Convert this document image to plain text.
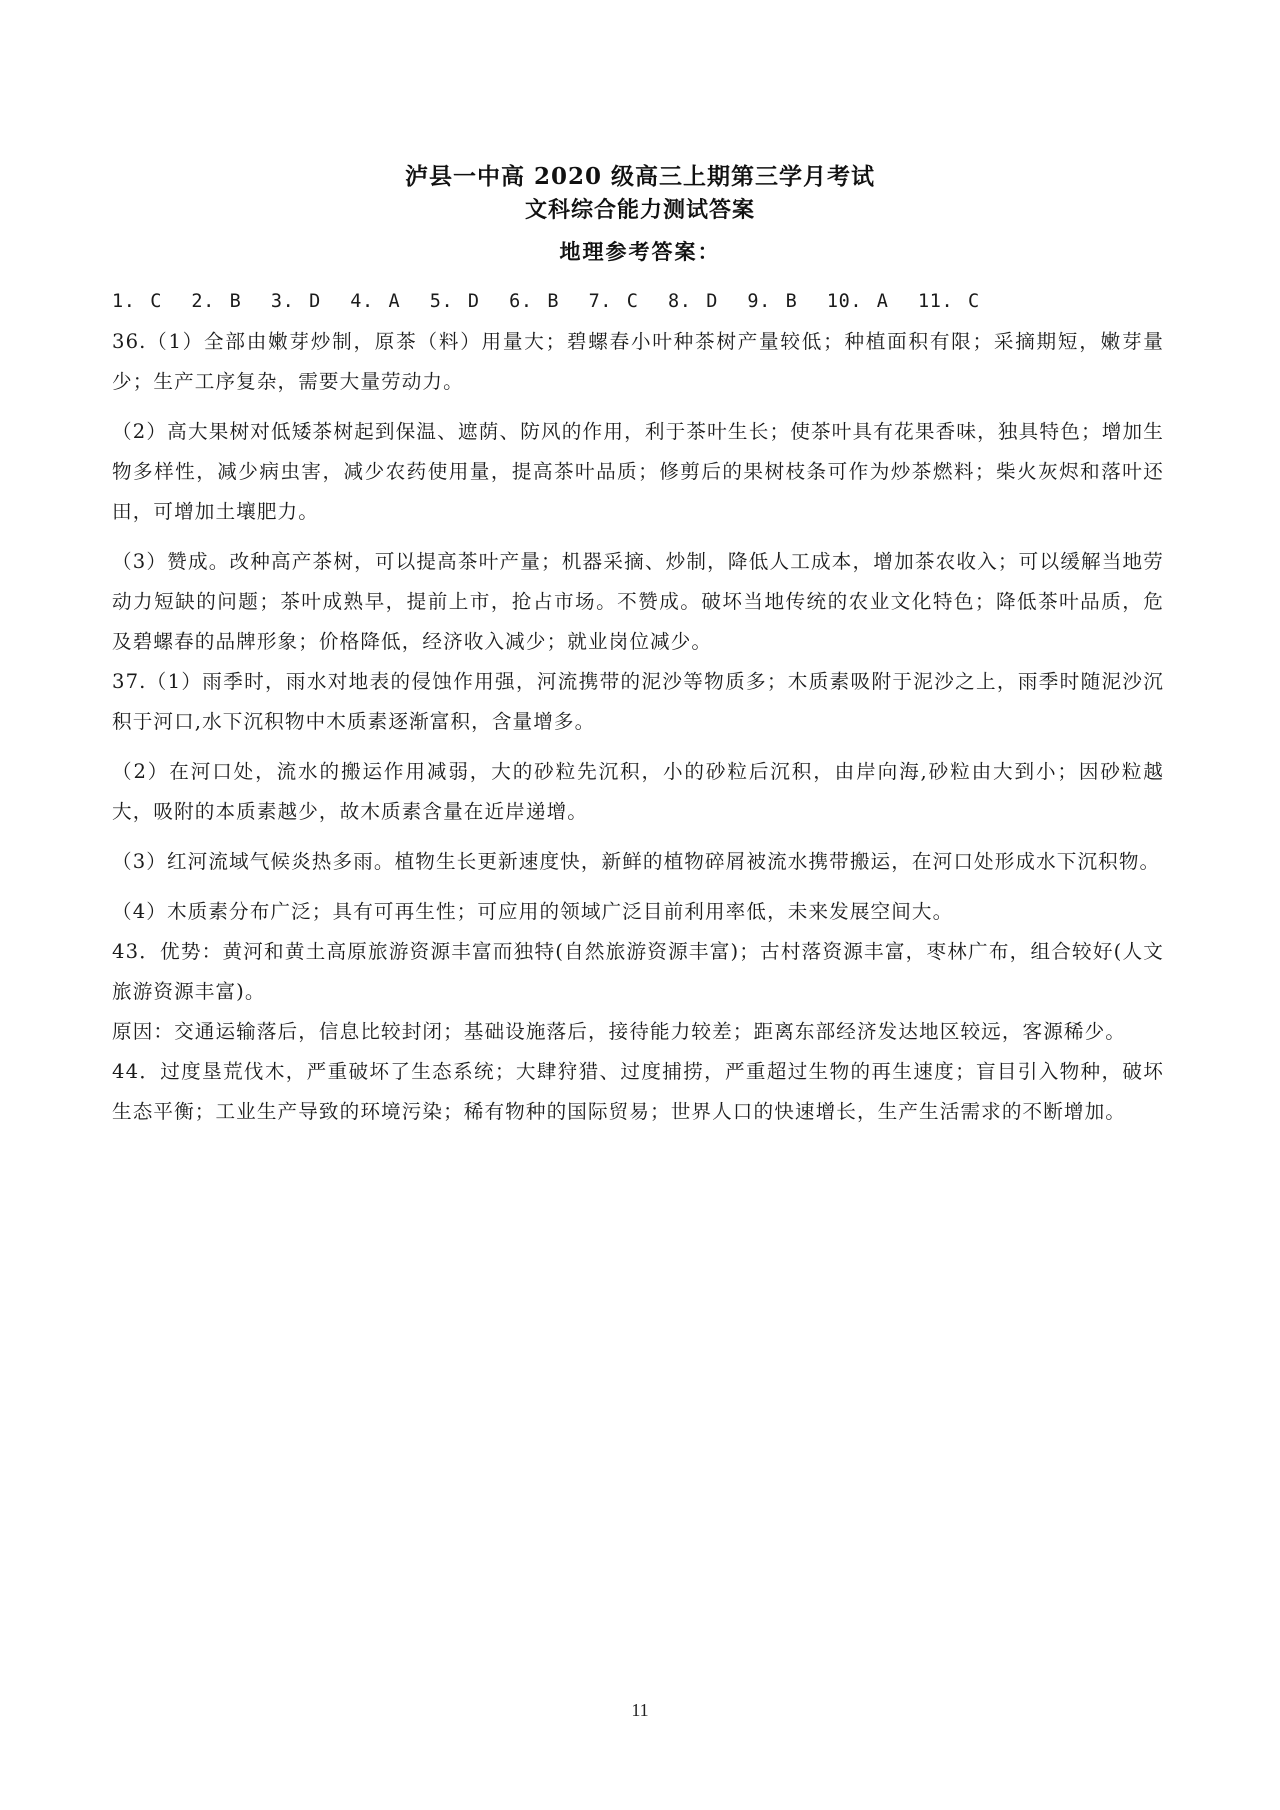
泸县一中高 2020 级高三上期第三学月考试
文科综合能力测试答案
地理参考答案：

1. C  2. B  3. D  4. A  5. D  6. B  7. C  8. D  9. B  10. A  11. C

36.（1）全部由嫩芽炒制，原茶（料）用量大；碧螺春小叶种茶树产量较低；种植面积有限；采摘期短，嫩芽量少；生产工序复杂，需要大量劳动力。

（2）高大果树对低矮茶树起到保温、遮荫、防风的作用，利于茶叶生长；使茶叶具有花果香味，独具特色；增加生物多样性，减少病虫害，减少农药使用量，提高茶叶品质；修剪后的果树枝条可作为炒茶燃料；柴火灰烬和落叶还田，可增加土壤肥力。

（3）赞成。改种高产茶树，可以提高茶叶产量；机器采摘、炒制，降低人工成本，增加茶农收入；可以缓解当地劳动力短缺的问题；茶叶成熟早，提前上市，抢占市场。不赞成。破坏当地传统的农业文化特色；降低茶叶品质，危及碧螺春的品牌形象；价格降低，经济收入减少；就业岗位减少。

37.（1）雨季时，雨水对地表的侵蚀作用强，河流携带的泥沙等物质多；木质素吸附于泥沙之上，雨季时随泥沙沉积于河口,水下沉积物中木质素逐渐富积，含量增多。

（2）在河口处，流水的搬运作用减弱，大的砂粒先沉积，小的砂粒后沉积，由岸向海,砂粒由大到小；因砂粒越大，吸附的本质素越少，故木质素含量在近岸递增。

（3）红河流域气候炎热多雨。植物生长更新速度快，新鲜的植物碎屑被流水携带搬运，在河口处形成水下沉积物。

（4）木质素分布广泛；具有可再生性；可应用的领域广泛目前利用率低，未来发展空间大。

43．优势：黄河和黄土高原旅游资源丰富而独特(自然旅游资源丰富)；古村落资源丰富，枣林广布，组合较好(人文旅游资源丰富)。

原因：交通运输落后，信息比较封闭；基础设施落后，接待能力较差；距离东部经济发达地区较远，客源稀少。

44．过度垦荒伐木，严重破坏了生态系统；大肆狩猎、过度捕捞，严重超过生物的再生速度；盲目引入物种，破坏生态平衡；工业生产导致的环境污染；稀有物种的国际贸易；世界人口的快速增长，生产生活需求的不断增加。

11
